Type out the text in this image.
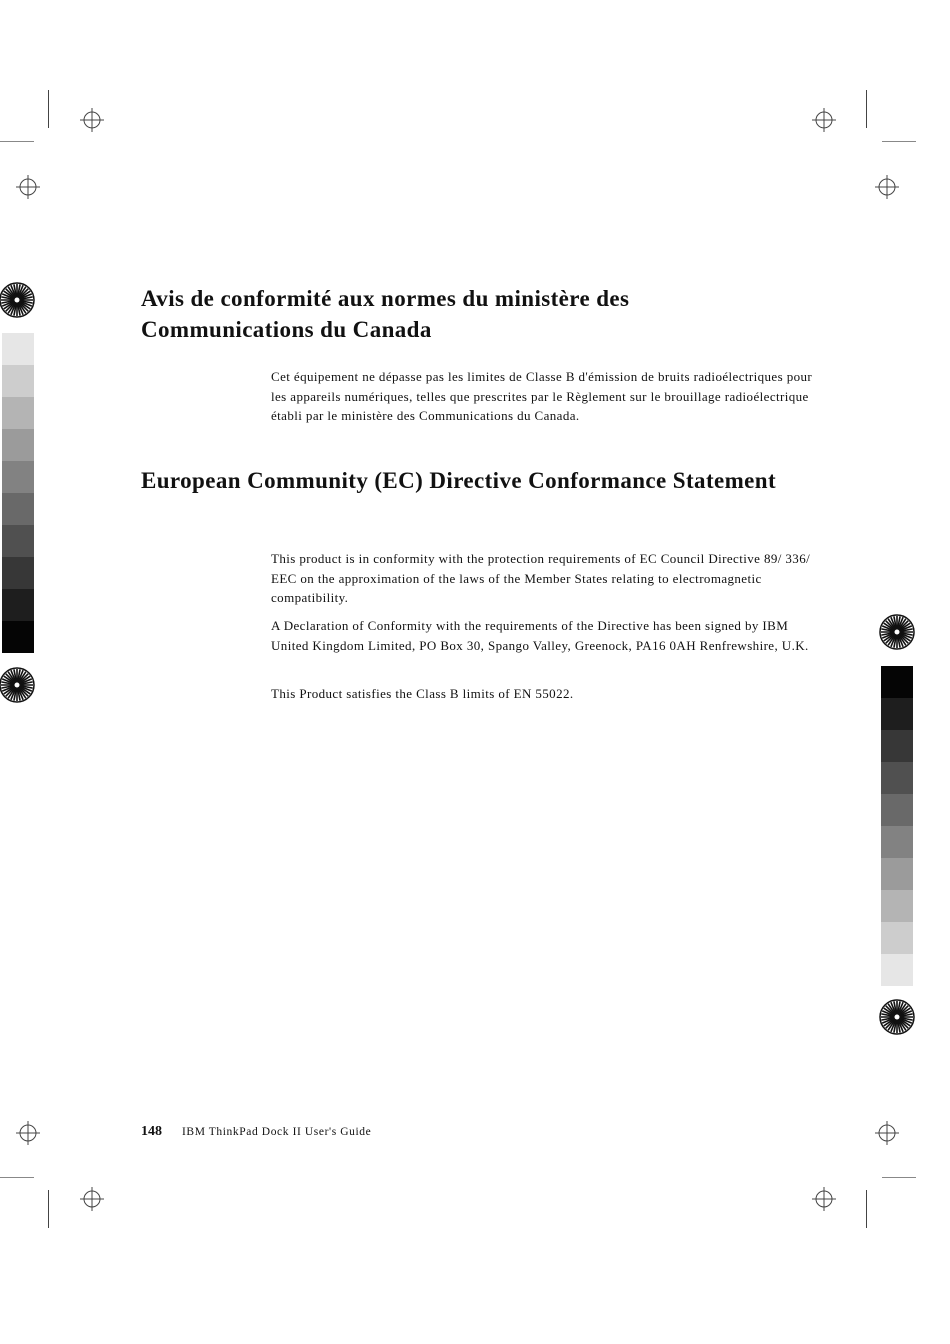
Avis de conformité aux normes du ministère des Communications du Canada

Cet équipement ne dépasse pas les limites de Classe B d'émission de bruits radioélectriques pour les appareils numériques, telles que prescrites par le Règlement sur le brouillage radioélectrique établi par le ministère des Communications du Canada.

European Community (EC) Directive Conformance Statement

This product is in conformity with the protection requirements of EC Council Directive 89/ 336/ EEC on the approximation of the laws of the Member States relating to electromagnetic compatibility.

A Declaration of Conformity with the requirements of the Directive has been signed by IBM United Kingdom Limited, PO Box 30, Spango Valley, Greenock, PA16 0AH Renfrewshire, U.K.

This Product satisfies the Class B limits of EN 55022.

148 IBM ThinkPad Dock II User's Guide
